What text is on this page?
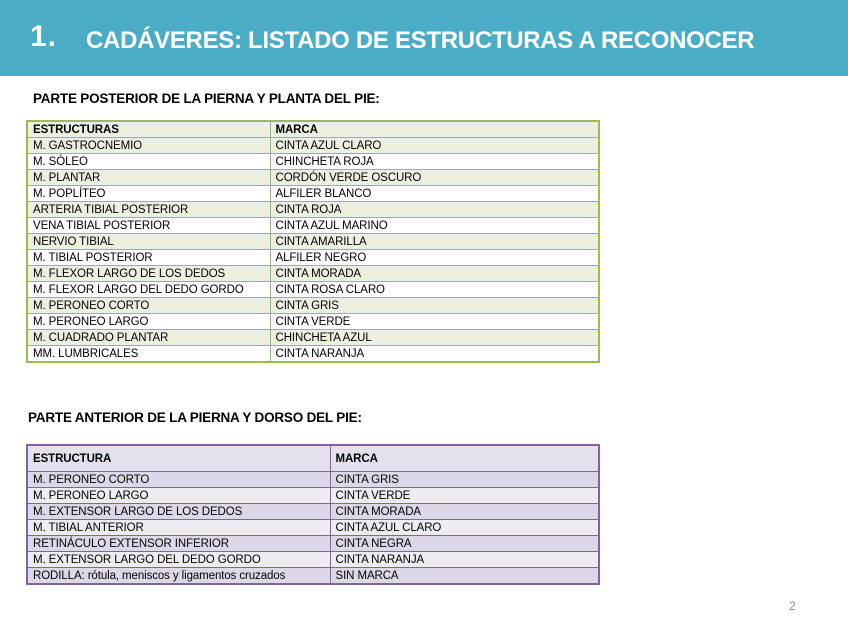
1. CADÁVERES: LISTADO DE ESTRUCTURAS A RECONOCER
PARTE POSTERIOR DE LA PIERNA Y PLANTA DEL PIE:
ESTRUCTURAS	MARCA
M. GASTROCNEMIO	CINTA AZUL CLARO
M. SÓLEO	CHINCHETA ROJA
M. PLANTAR	CORDÓN VERDE OSCURO
M. POPLÍTEO	ALFILER BLANCO
ARTERIA TIBIAL POSTERIOR	CINTA ROJA
VENA TIBIAL POSTERIOR	CINTA AZUL MARINO
NERVIO TIBIAL	CINTA AMARILLA
M. TIBIAL POSTERIOR	ALFILER NEGRO
M. FLEXOR LARGO DE LOS DEDOS	CINTA MORADA
M. FLEXOR LARGO DEL DEDO GORDO	CINTA ROSA CLARO
M. PERONEO CORTO	CINTA GRIS
M. PERONEO LARGO	CINTA VERDE
M. CUADRADO PLANTAR	CHINCHETA AZUL
MM. LUMBRICALES	CINTA NARANJA
PARTE ANTERIOR DE LA PIERNA Y DORSO DEL PIE:
ESTRUCTURA	MARCA
M. PERONEO CORTO	CINTA GRIS
M. PERONEO LARGO	CINTA VERDE
M. EXTENSOR LARGO DE LOS DEDOS	CINTA MORADA
M. TIBIAL ANTERIOR	CINTA AZUL CLARO
RETINÁCULO EXTENSOR INFERIOR	CINTA NEGRA
M. EXTENSOR LARGO DEL DEDO GORDO	CINTA NARANJA
RODILLA: rótula, meniscos y ligamentos cruzados	SIN MARCA
2
